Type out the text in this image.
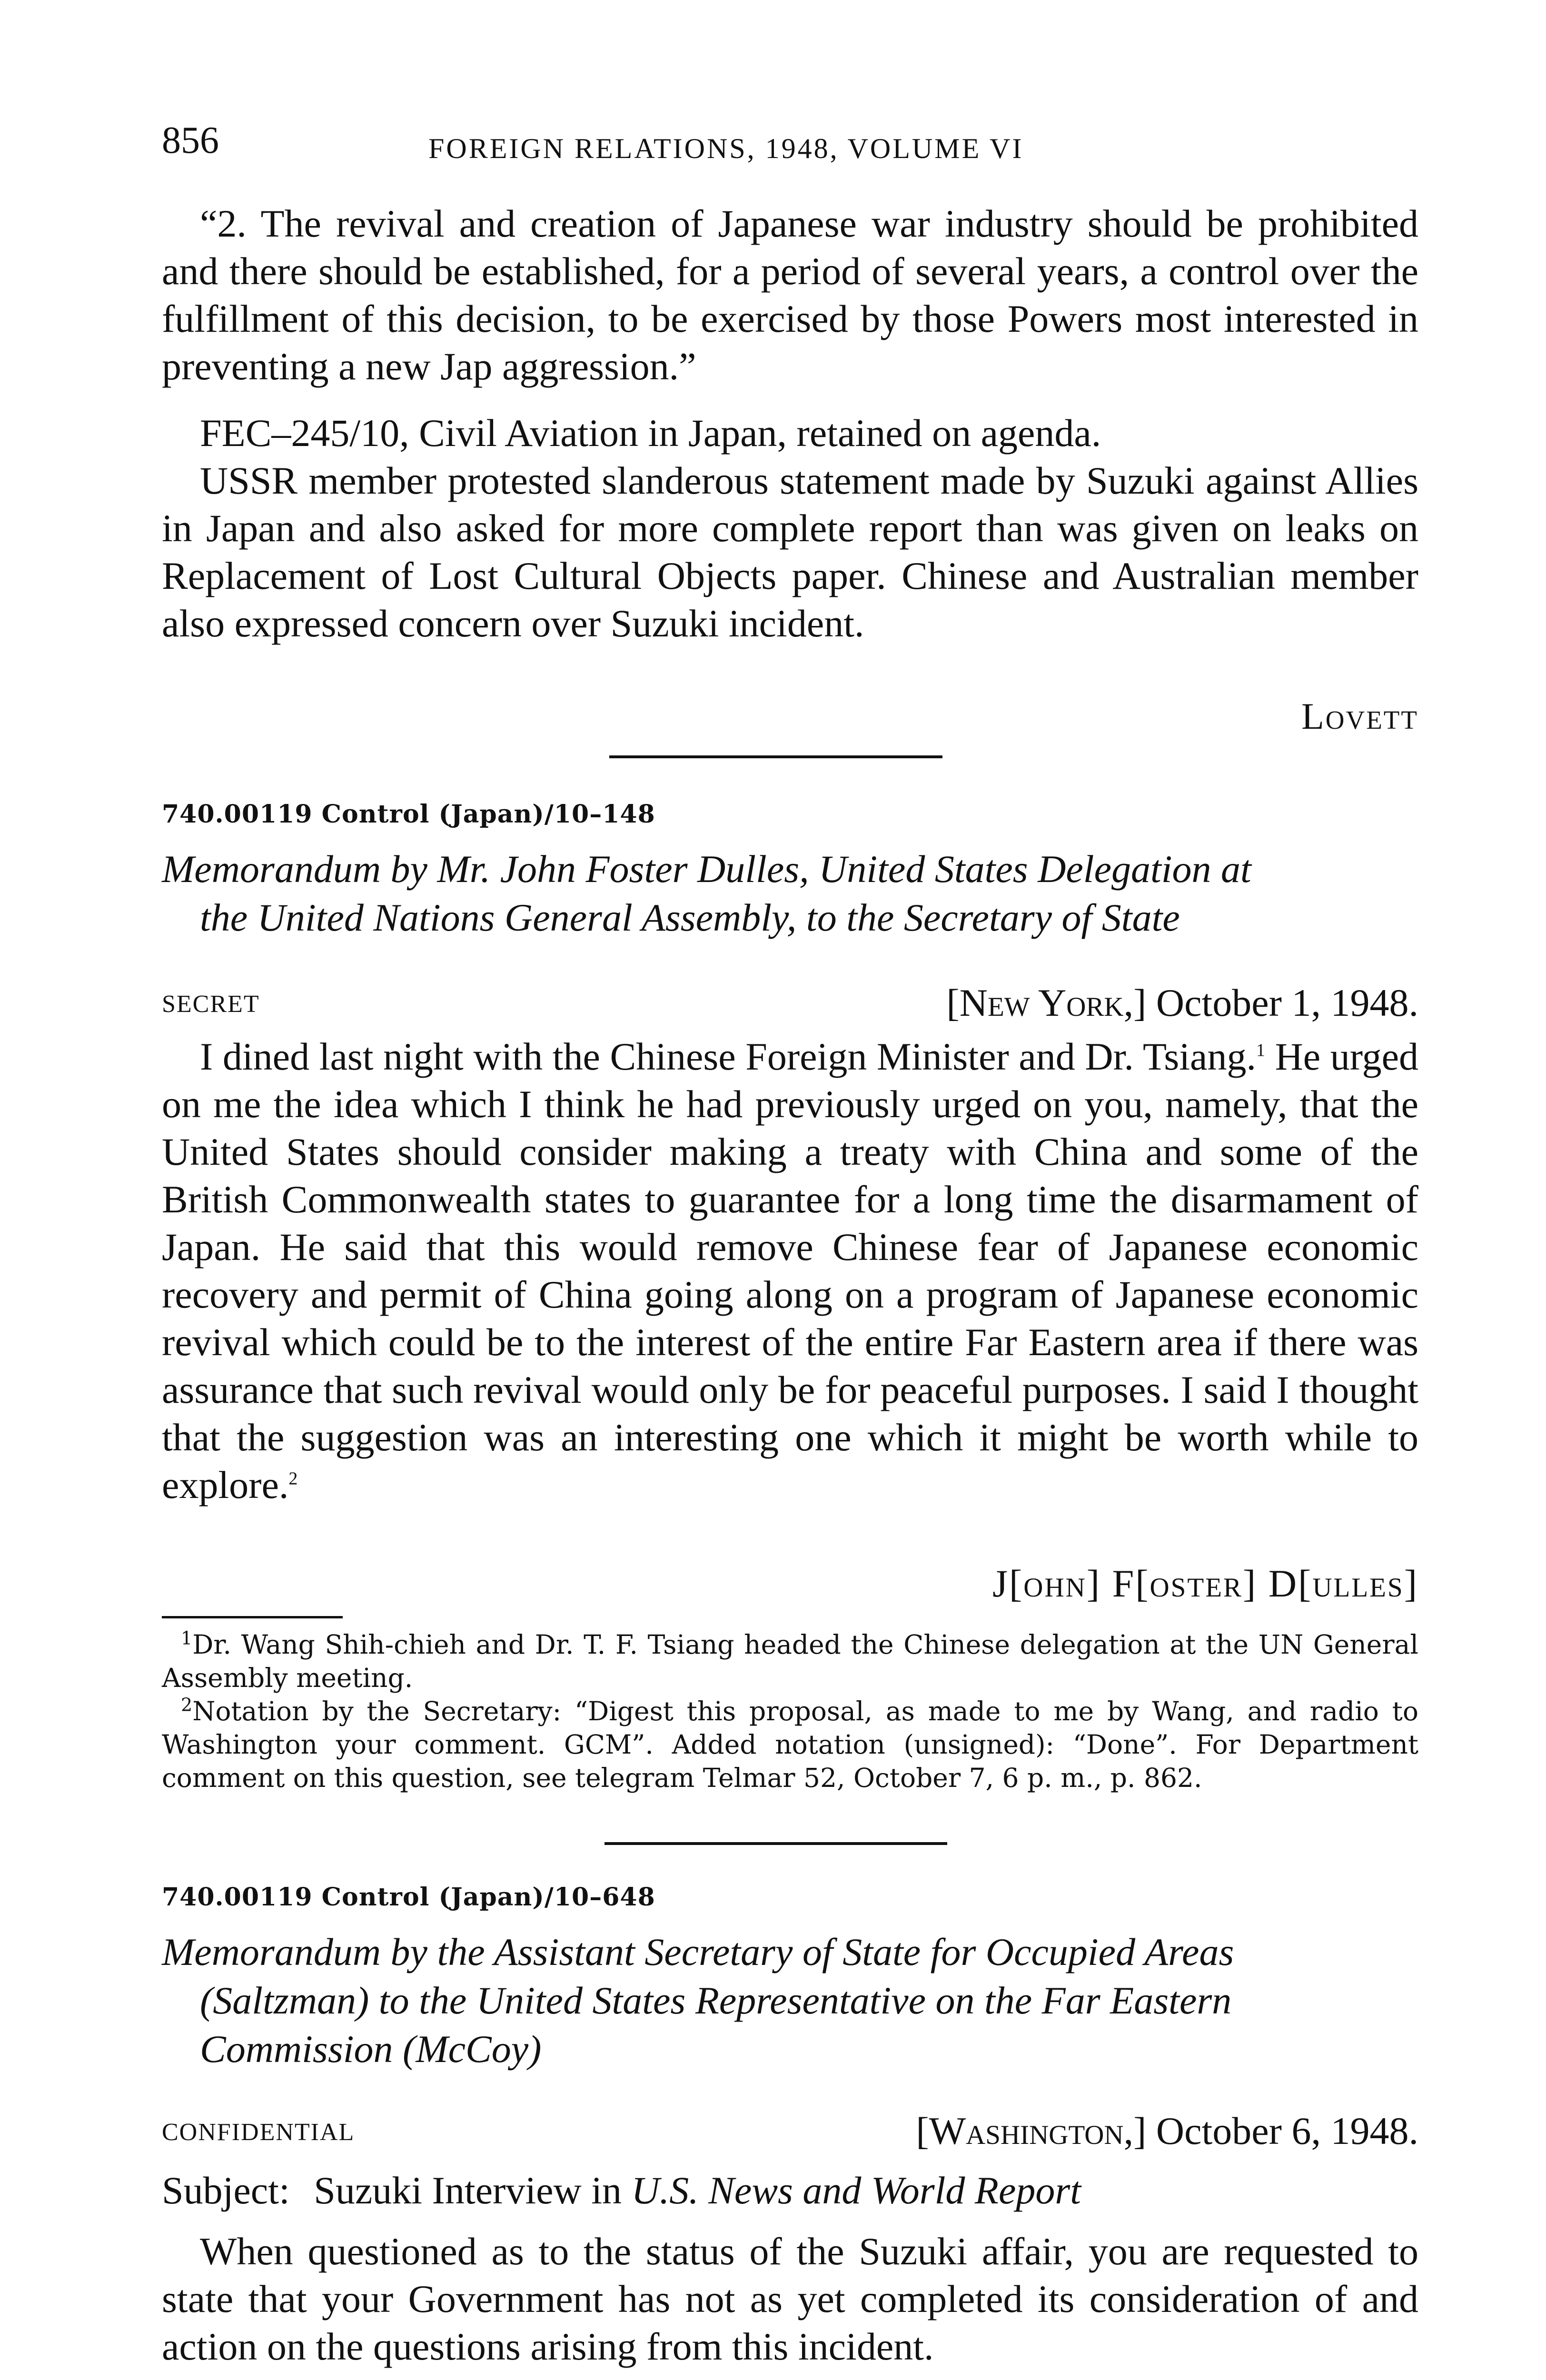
856	FOREIGN RELATIONS, 1948, VOLUME VI

“2. The revival and creation of Japanese war industry should be prohibited and there should be established, for a period of several years, a control over the fulfillment of this decision, to be exercised by those Powers most interested in preventing a new Jap aggression.”

FEC–245/10, Civil Aviation in Japan, retained on agenda.

USSR member protested slanderous statement made by Suzuki against Allies in Japan and also asked for more complete report than was given on leaks on Replacement of Lost Cultural Objects paper. Chinese and Australian member also expressed concern over Suzuki incident.

Lovett
740.00119 Control (Japan)/10–148
Memorandum by Mr. John Foster Dulles, United States Delegation at
the United Nations General Assembly, to the Secretary of State
SECRET	[New York,] October 1, 1948.

I dined last night with the Chinese Foreign Minister and Dr. Tsiang.$^1$ He urged on me the idea which I think he had previously urged on you, namely, that the United States should consider making a treaty with China and some of the British Commonwealth states to guarantee for a long time the disarmament of Japan. He said that this would remove Chinese fear of Japanese economic recovery and permit of China going along on a program of Japanese economic revival which could be to the interest of the entire Far Eastern area if there was assurance that such revival would only be for peaceful purposes. I said I thought that the suggestion was an interesting one which it might be worth while to explore.$^2$

J[ohn] F[oster] D[ulles]

$^1$Dr. Wang Shih-chieh and Dr. T. F. Tsiang headed the Chinese delegation at the UN General Assembly meeting.

$^2$Notation by the Secretary: “Digest this proposal, as made to me by Wang, and radio to Washington your comment. GCM”. Added notation (unsigned): “Done”. For Department comment on this question, see telegram Telmar 52, October 7, 6 p. m., p. 862.

740.00119 Control (Japan)/10–648
Memorandum by the Assistant Secretary of State for Occupied Areas
(Saltzman) to the United States Representative on the Far Eastern
Commission (McCoy)
CONFIDENTIAL	[Washington,] October 6, 1948.
Subject: Suzuki Interview in U.S. News and World Report

When questioned as to the status of the Suzuki affair, you are requested to state that your Government has not as yet completed its consideration of and action on the questions arising from this incident.
